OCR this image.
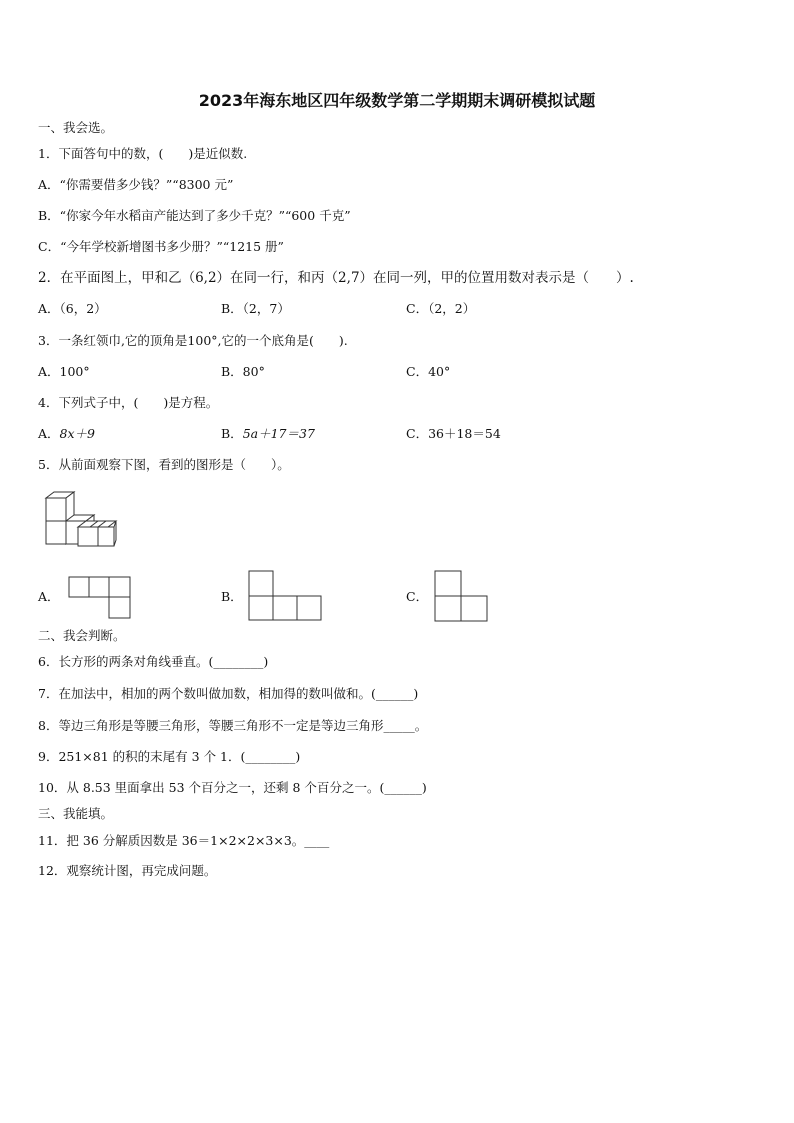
2023年海东地区四年级数学第二学期期末调研模拟试题
一、我会选。
1．下面答句中的数，(　　)是近似数.
A．“你需要借多少钱？”“8300 元”
B．“你家今年水稻亩产能达到了多少千克？”“600 千克”
C．“今年学校新增图书多少册？”“1215 册”
2．在平面图上，甲和乙（6,2）在同一行，和丙（2,7）在同一列，甲的位置用数对表示是（　　）.
A．（6，2）	B．（2，7）	C．（2，2）
3．一条红领巾,它的顶角是100°,它的一个底角是(　　).
A．100°	B．80°	C．40°
4．下列式子中，(　　)是方程。
A．8x＋9	B．5a＋17＝37	C．36＋18＝54
5．从前面观察下图，看到的图形是（　　）。
A．	B．	C．
二、我会判断。
6．长方形的两条对角线垂直。(________)
7．在加法中，相加的两个数叫做加数，相加得的数叫做和。(______)
8．等边三角形是等腰三角形，等腰三角形不一定是等边三角形_____。
9．251×81 的积的末尾有 3 个 1．(________)
10．从 8.53 里面拿出 53 个百分之一，还剩 8 个百分之一。(______)
三、我能填。
11．把 36 分解质因数是 36＝1×2×2×3×3。____
12．观察统计图，再完成问题。
